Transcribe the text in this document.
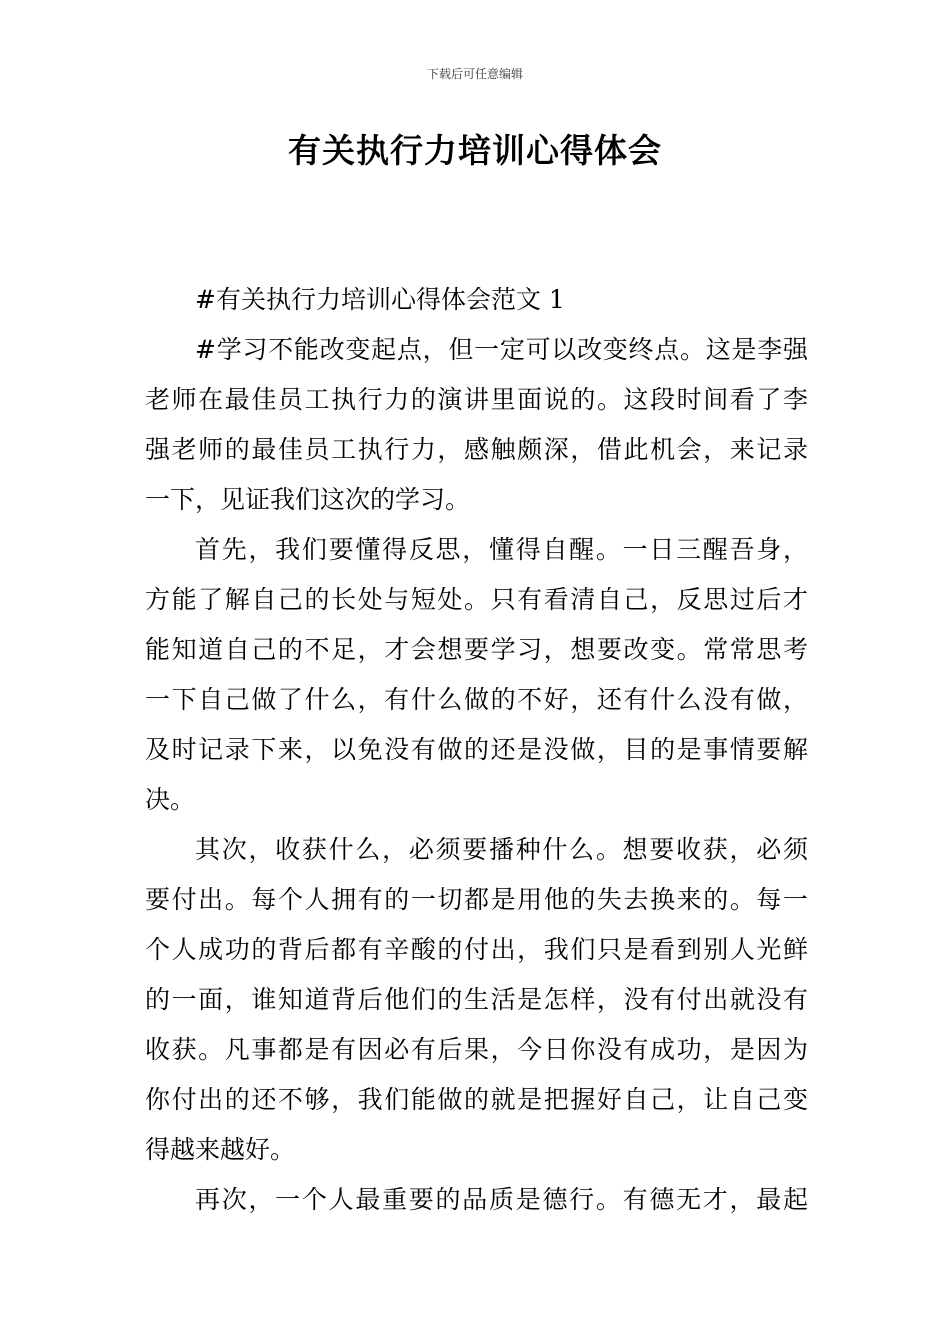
下载后可任意编辑
有关执行力培训心得体会

#有关执行力培训心得体会范文 1

#学习不能改变起点，但一定可以改变终点。这是李强
老师在最佳员工执行力的演讲里面说的。这段时间看了李
强老师的最佳员工执行力，感触颇深，借此机会，来记录
一下，见证我们这次的学习。

首先，我们要懂得反思，懂得自醒。一日三醒吾身，
方能了解自己的长处与短处。只有看清自己，反思过后才
能知道自己的不足，才会想要学习，想要改变。常常思考
一下自己做了什么，有什么做的不好，还有什么没有做，
及时记录下来，以免没有做的还是没做，目的是事情要解
决。

其次，收获什么，必须要播种什么。想要收获，必须
要付出。每个人拥有的一切都是用他的失去换来的。每一
个人成功的背后都有辛酸的付出，我们只是看到别人光鲜
的一面，谁知道背后他们的生活是怎样，没有付出就没有
收获。凡事都是有因必有后果，今日你没有成功，是因为
你付出的还不够，我们能做的就是把握好自己，让自己变
得越来越好。

再次，一个人最重要的品质是德行。有德无才，最起
